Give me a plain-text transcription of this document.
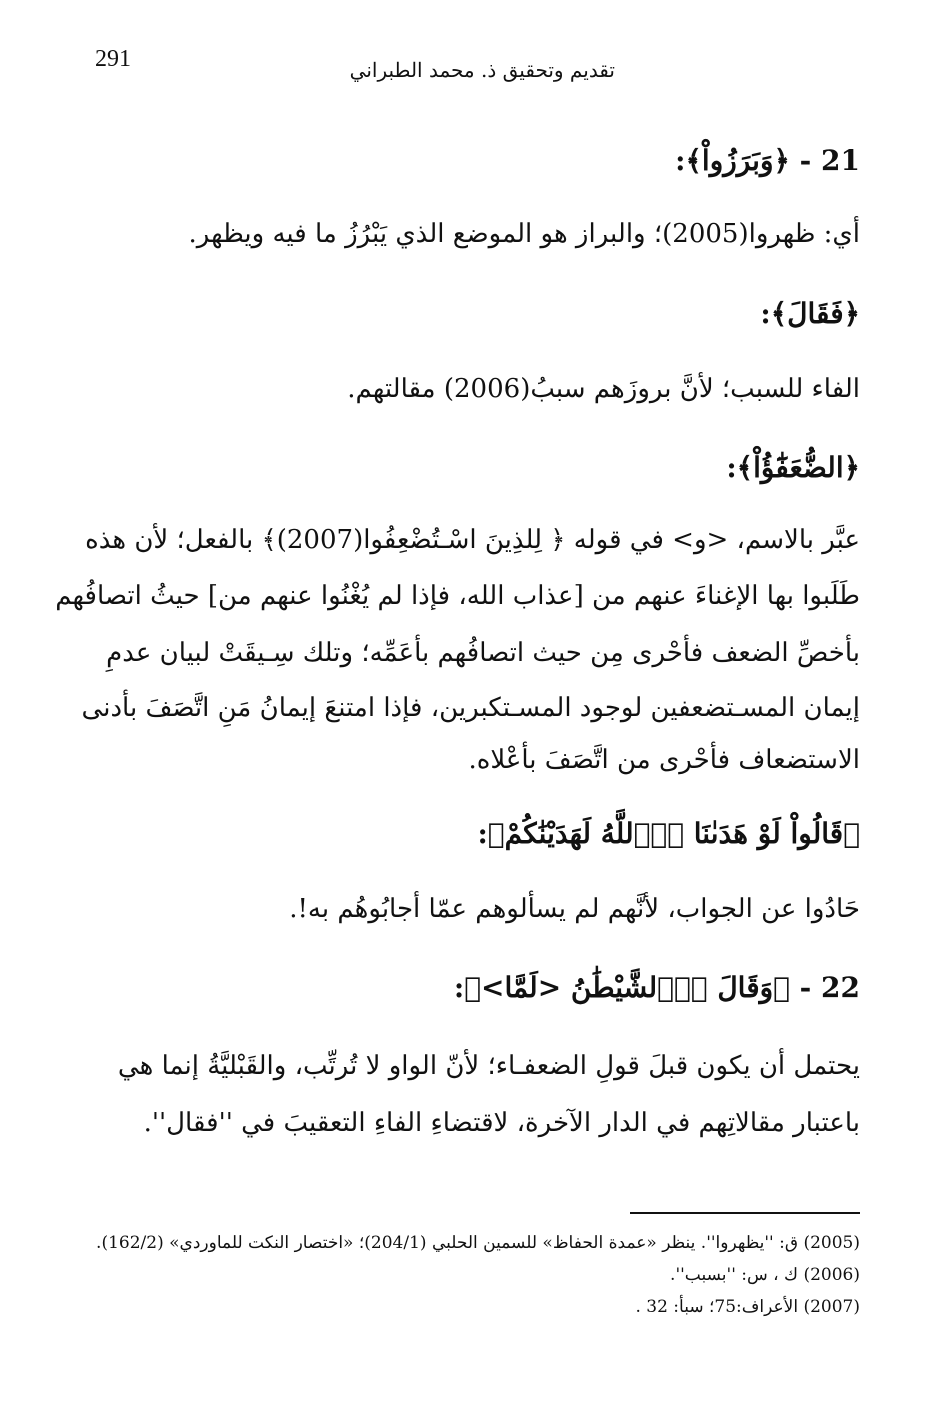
291	تقديم وتحقيق ذ. محمد الطبراني
21 - ﴿وَبَرَزُواْ﴾:
أي: ظهروا(2005)؛ والبراز هو الموضع الذي يَبْرُزُ ما فيه ويظهر.
﴿فَقَالَ﴾:
الفاء للسبب؛ لأنَّ بروزَهم سببُ(2006) مقالتهم.
﴿الضُّعَفَٰٓؤُاْ﴾:
عبَّر بالاسم، <و> في قوله ﴿ لِلذِينَ اسْـتُضْعِفُوا(2007)﴾ بالفعل؛ لأن هذه
طَلَبوا بها الإغناءَ عنهم من [عذاب الله، فإذا لم يُغْنُوا عنهم من] حيثُ اتصافُهم
بأخصِّ الضعف فأحْرى مِن حيث اتصافُهم بأعَمِّه؛ وتلك سِـيقَتْ لبيان عدمِ
إيمان المسـتضعفين لوجود المسـتكبرين، فإذا امتنعَ إيمانُ مَنِ اتَّصَفَ بأدنى
الاستضعاف فأحْرى من اتَّصَفَ بأعْلاه.
﴿قَالُواْ لَوْ هَدَىٰنَا اَ۬للَّهُ لَهَدَيْنَٰكُمْ﴾:
حَادُوا عن الجواب، لأنَّهم لم يسألوهم عمّا أجابُوهُم به!.
22 - ﴿وَقَالَ اَ۬لشَّيْطَٰنُ <لَمَّا>﴾:
يحتمل أن يكون قبلَ قولِ الضعفـاء؛ لأنّ الواو لا تُرتِّب، والقَبْليَّةُ إنما هي
باعتبار مقالاتِهم في الدار الآخرة، لاقتضاءِ الفاءِ التعقيبَ في ''فقال''.
(2005) ق: ''يظهروا''. ينظر «عمدة الحفاظ» للسمين الحلبي (204/1)؛ «اختصار النكت للماوردي» (162/2).
(2006) ك ، س: ''بسبب''.
(2007) الأعراف:75؛ سبأ: 32 .
